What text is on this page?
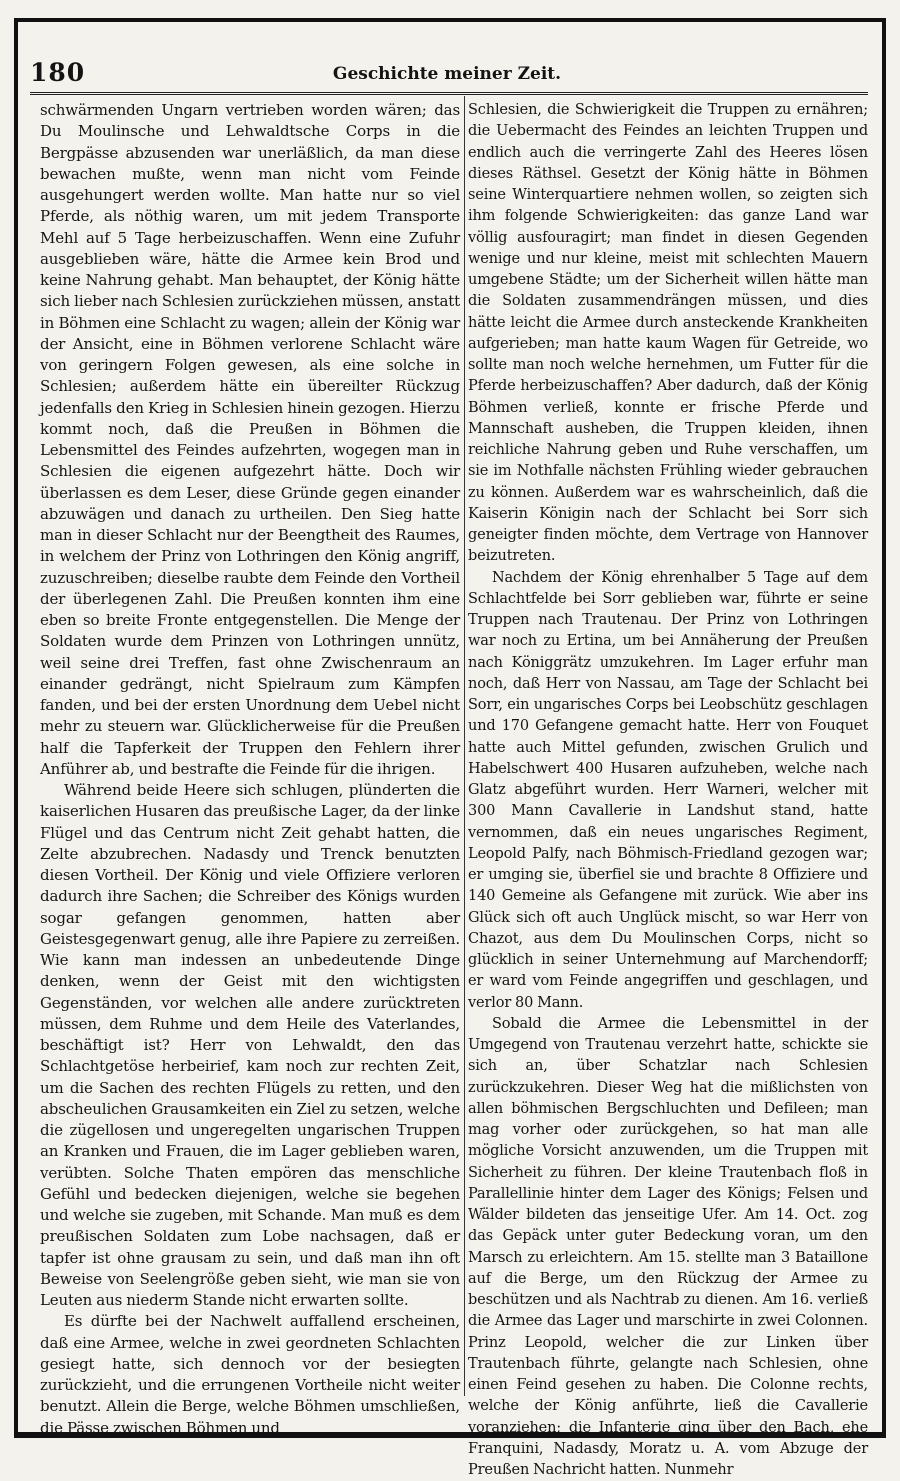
180	Geschichte meiner Zeit.

schwärmenden Ungarn vertrieben worden wären; das Du Moulinsche und Lehwaldtsche Corps in die Bergpässe abzusenden war unerläßlich, da man diese bewachen mußte, wenn man nicht vom Feinde ausgehungert werden wollte. Man hatte nur so viel Pferde, als nöthig waren, um mit jedem Transporte Mehl auf 5 Tage herbeizuschaffen. Wenn eine Zufuhr ausgeblieben wäre, hätte die Armee kein Brod und keine Nahrung gehabt. Man behauptet, der König hätte sich lieber nach Schlesien zurückziehen müssen, anstatt in Böhmen eine Schlacht zu wagen; allein der König war der Ansicht, eine in Böhmen verlorene Schlacht wäre von geringern Folgen gewesen, als eine solche in Schlesien; außerdem hätte ein übereilter Rückzug jedenfalls den Krieg in Schlesien hinein gezogen. Hierzu kommt noch, daß die Preußen in Böhmen die Lebensmittel des Feindes aufzehrten, wogegen man in Schlesien die eigenen aufgezehrt hätte. Doch wir überlassen es dem Leser, diese Gründe gegen einander abzuwägen und danach zu urtheilen. Den Sieg hatte man in dieser Schlacht nur der Beengtheit des Raumes, in welchem der Prinz von Lothringen den König angriff, zuzuschreiben; dieselbe raubte dem Feinde den Vortheil der überlegenen Zahl. Die Preußen konnten ihm eine eben so breite Fronte entgegenstellen. Die Menge der Soldaten wurde dem Prinzen von Lothringen unnütz, weil seine drei Treffen, fast ohne Zwischenraum an einander gedrängt, nicht Spielraum zum Kämpfen fanden, und bei der ersten Unordnung dem Uebel nicht mehr zu steuern war. Glücklicherweise für die Preußen half die Tapferkeit der Truppen den Fehlern ihrer Anführer ab, und bestrafte die Feinde für die ihrigen.

Während beide Heere sich schlugen, plünderten die kaiserlichen Husaren das preußische Lager, da der linke Flügel und das Centrum nicht Zeit gehabt hatten, die Zelte abzubrechen. Nadasdy und Trenck benutzten diesen Vortheil. Der König und viele Offiziere verloren dadurch ihre Sachen; die Schreiber des Königs wurden sogar gefangen genommen, hatten aber Geistesgegenwart genug, alle ihre Papiere zu zerreißen. Wie kann man indessen an unbedeutende Dinge denken, wenn der Geist mit den wichtigsten Gegenständen, vor welchen alle andere zurücktreten müssen, dem Ruhme und dem Heile des Vaterlandes, beschäftigt ist? Herr von Lehwaldt, den das Schlachtgetöse herbeirief, kam noch zur rechten Zeit, um die Sachen des rechten Flügels zu retten, und den abscheulichen Grausamkeiten ein Ziel zu setzen, welche die zügellosen und ungeregelten ungarischen Truppen an Kranken und Frauen, die im Lager geblieben waren, verübten. Solche Thaten empören das menschliche Gefühl und bedecken diejenigen, welche sie begehen und welche sie zugeben, mit Schande. Man muß es dem preußischen Soldaten zum Lobe nachsagen, daß er tapfer ist ohne grausam zu sein, und daß man ihn oft Beweise von Seelengröße geben sieht, wie man sie von Leuten aus niederm Stande nicht erwarten sollte.

Es dürfte bei der Nachwelt auffallend erscheinen, daß eine Armee, welche in zwei geordneten Schlachten gesiegt hatte, sich dennoch vor der besiegten zurückzieht, und die errungenen Vortheile nicht weiter benutzt. Allein die Berge, welche Böhmen umschließen, die Pässe zwischen Böhmen und

Schlesien, die Schwierigkeit die Truppen zu ernähren; die Uebermacht des Feindes an leichten Truppen und endlich auch die verringerte Zahl des Heeres lösen dieses Räthsel. Gesetzt der König hätte in Böhmen seine Winterquartiere nehmen wollen, so zeigten sich ihm folgende Schwierigkeiten: das ganze Land war völlig ausfouragirt; man findet in diesen Gegenden wenige und nur kleine, meist mit schlechten Mauern umgebene Städte; um der Sicherheit willen hätte man die Soldaten zusammendrängen müssen, und dies hätte leicht die Armee durch ansteckende Krankheiten aufgerieben; man hatte kaum Wagen für Getreide, wo sollte man noch welche hernehmen, um Futter für die Pferde herbeizuschaffen? Aber dadurch, daß der König Böhmen verließ, konnte er frische Pferde und Mannschaft ausheben, die Truppen kleiden, ihnen reichliche Nahrung geben und Ruhe verschaffen, um sie im Nothfalle nächsten Frühling wieder gebrauchen zu können. Außerdem war es wahrscheinlich, daß die Kaiserin Königin nach der Schlacht bei Sorr sich geneigter finden möchte, dem Vertrage von Hannover beizutreten.

Nachdem der König ehrenhalber 5 Tage auf dem Schlachtfelde bei Sorr geblieben war, führte er seine Truppen nach Trautenau. Der Prinz von Lothringen war noch zu Ertina, um bei Annäherung der Preußen nach Königgrätz umzukehren. Im Lager erfuhr man noch, daß Herr von Nassau, am Tage der Schlacht bei Sorr, ein ungarisches Corps bei Leobschütz geschlagen und 170 Gefangene gemacht hatte. Herr von Fouquet hatte auch Mittel gefunden, zwischen Grulich und Habelschwert 400 Husaren aufzuheben, welche nach Glatz abgeführt wurden. Herr Warneri, welcher mit 300 Mann Cavallerie in Landshut stand, hatte vernommen, daß ein neues ungarisches Regiment, Leopold Palfy, nach Böhmisch-Friedland gezogen war; er umging sie, überfiel sie und brachte 8 Offiziere und 140 Gemeine als Gefangene mit zurück. Wie aber ins Glück sich oft auch Unglück mischt, so war Herr von Chazot, aus dem Du Moulinschen Corps, nicht so glücklich in seiner Unternehmung auf Marchendorff; er ward vom Feinde angegriffen und geschlagen, und verlor 80 Mann.

Sobald die Armee die Lebensmittel in der Umgegend von Trautenau verzehrt hatte, schickte sie sich an, über Schatzlar nach Schlesien zurückzukehren. Dieser Weg hat die mißlichsten von allen böhmischen Bergschluchten und Defileen; man mag vorher oder zurückgehen, so hat man alle mögliche Vorsicht anzuwenden, um die Truppen mit Sicherheit zu führen. Der kleine Trautenbach floß in Parallellinie hinter dem Lager des Königs; Felsen und Wälder bildeten das jenseitige Ufer. Am 14. Oct. zog das Gepäck unter guter Bedeckung voran, um den Marsch zu erleichtern. Am 15. stellte man 3 Bataillone auf die Berge, um den Rückzug der Armee zu beschützen und als Nachtrab zu dienen. Am 16. verließ die Armee das Lager und marschirte in zwei Colonnen. Prinz Leopold, welcher die zur Linken über Trautenbach führte, gelangte nach Schlesien, ohne einen Feind gesehen zu haben. Die Colonne rechts, welche der König anführte, ließ die Cavallerie voranziehen; die Infanterie ging über den Bach, ehe Franquini, Nadasdy, Moratz u. A. vom Abzuge der Preußen Nachricht hatten. Nunmehr
